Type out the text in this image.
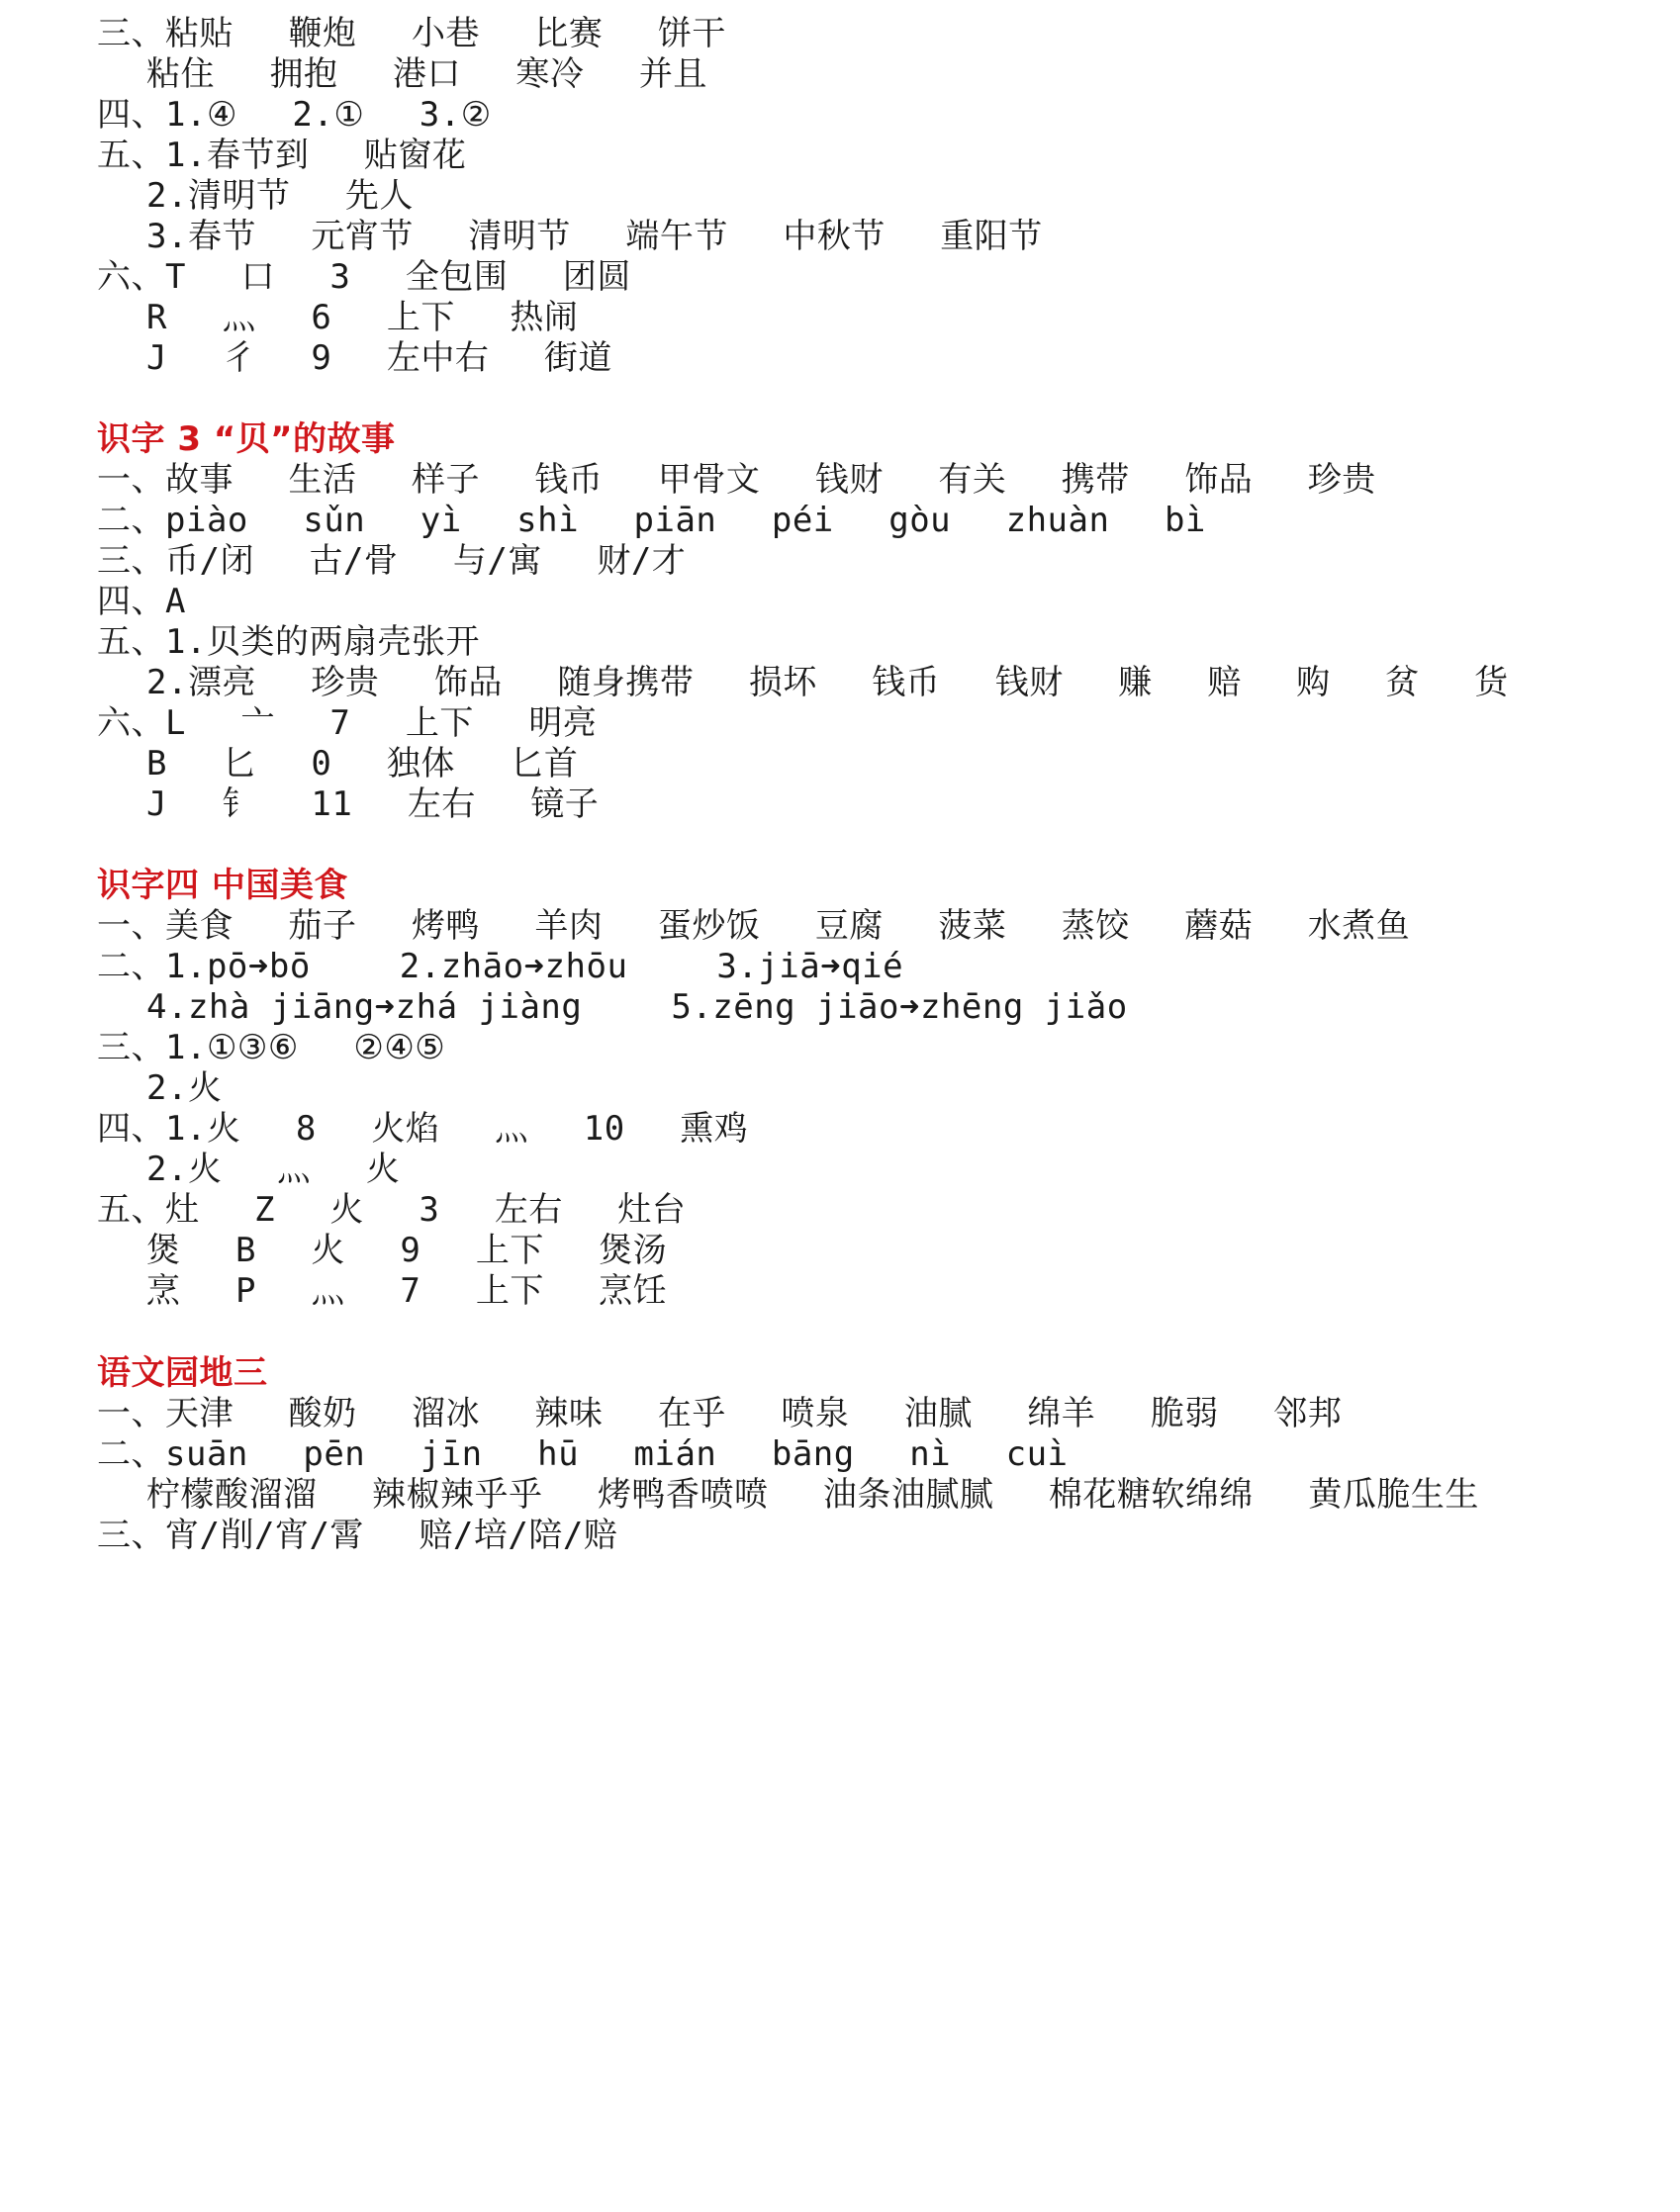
三、粘贴　 鞭炮　 小巷　 比赛　 饼干
粘住　 拥抱　 港口　 寒冷　 并且
四、1.④　 2.①　 3.②
五、1.春节到　 贴窗花
2.清明节　 先人
3.春节　 元宵节　 清明节　 端午节　 中秋节　 重阳节
六、T　 口　 3　 全包围　 团圆
R　 灬　 6　 上下　 热闹
J　 彳　 9　 左中右　 街道
识字 3 “贝”的故事
一、故事　 生活　 样子　 钱币　 甲骨文　 钱财　 有关　 携带　 饰品　 珍贵
二、piào　 sǔn　 yì　 shì　 piān　 péi　 gòu　 zhuàn　 bì
三、币/闭　 古/骨　 与/寓　 财/才
四、A
五、1.贝类的两扇壳张开
2.漂亮　 珍贵　 饰品　 随身携带　 损坏　 钱币　 钱财　 赚　 赔　 购　 贫　 货
六、L　 亠　 7　 上下　 明亮
B　 匕　 0　 独体　 匕首
J　 钅　 11　 左右　 镜子
识字四 中国美食
一、美食　 茄子　 烤鸭　 羊肉　 蛋炒饭　 豆腐　 菠菜　 蒸饺　 蘑菇　 水煮鱼
二、1.pō➜bō　　 2.zhāo➜zhōu　　 3.jiā➜qié
4.zhà jiāng➜zhá jiàng　　 5.zēng jiāo➜zhēng jiǎo
三、1.①③⑥　 ②④⑤
2.火
四、1.火　 8　 火焰　 灬　 10　 熏鸡
2.火　 灬　 火
五、灶　 Z　 火　 3　 左右　 灶台
煲　 B　 火　 9　 上下　 煲汤
烹　 P　 灬　 7　 上下　 烹饪
语文园地三
一、天津　 酸奶　 溜冰　 辣味　 在乎　 喷泉　 油腻　 绵羊　 脆弱　 邻邦
二、suān　 pēn　 jīn　 hū　 mián　 bāng　 nì　 cuì
柠檬酸溜溜　 辣椒辣乎乎　 烤鸭香喷喷　 油条油腻腻　 棉花糖软绵绵　 黄瓜脆生生
三、宵/削/宵/霄　 赔/培/陪/赔
